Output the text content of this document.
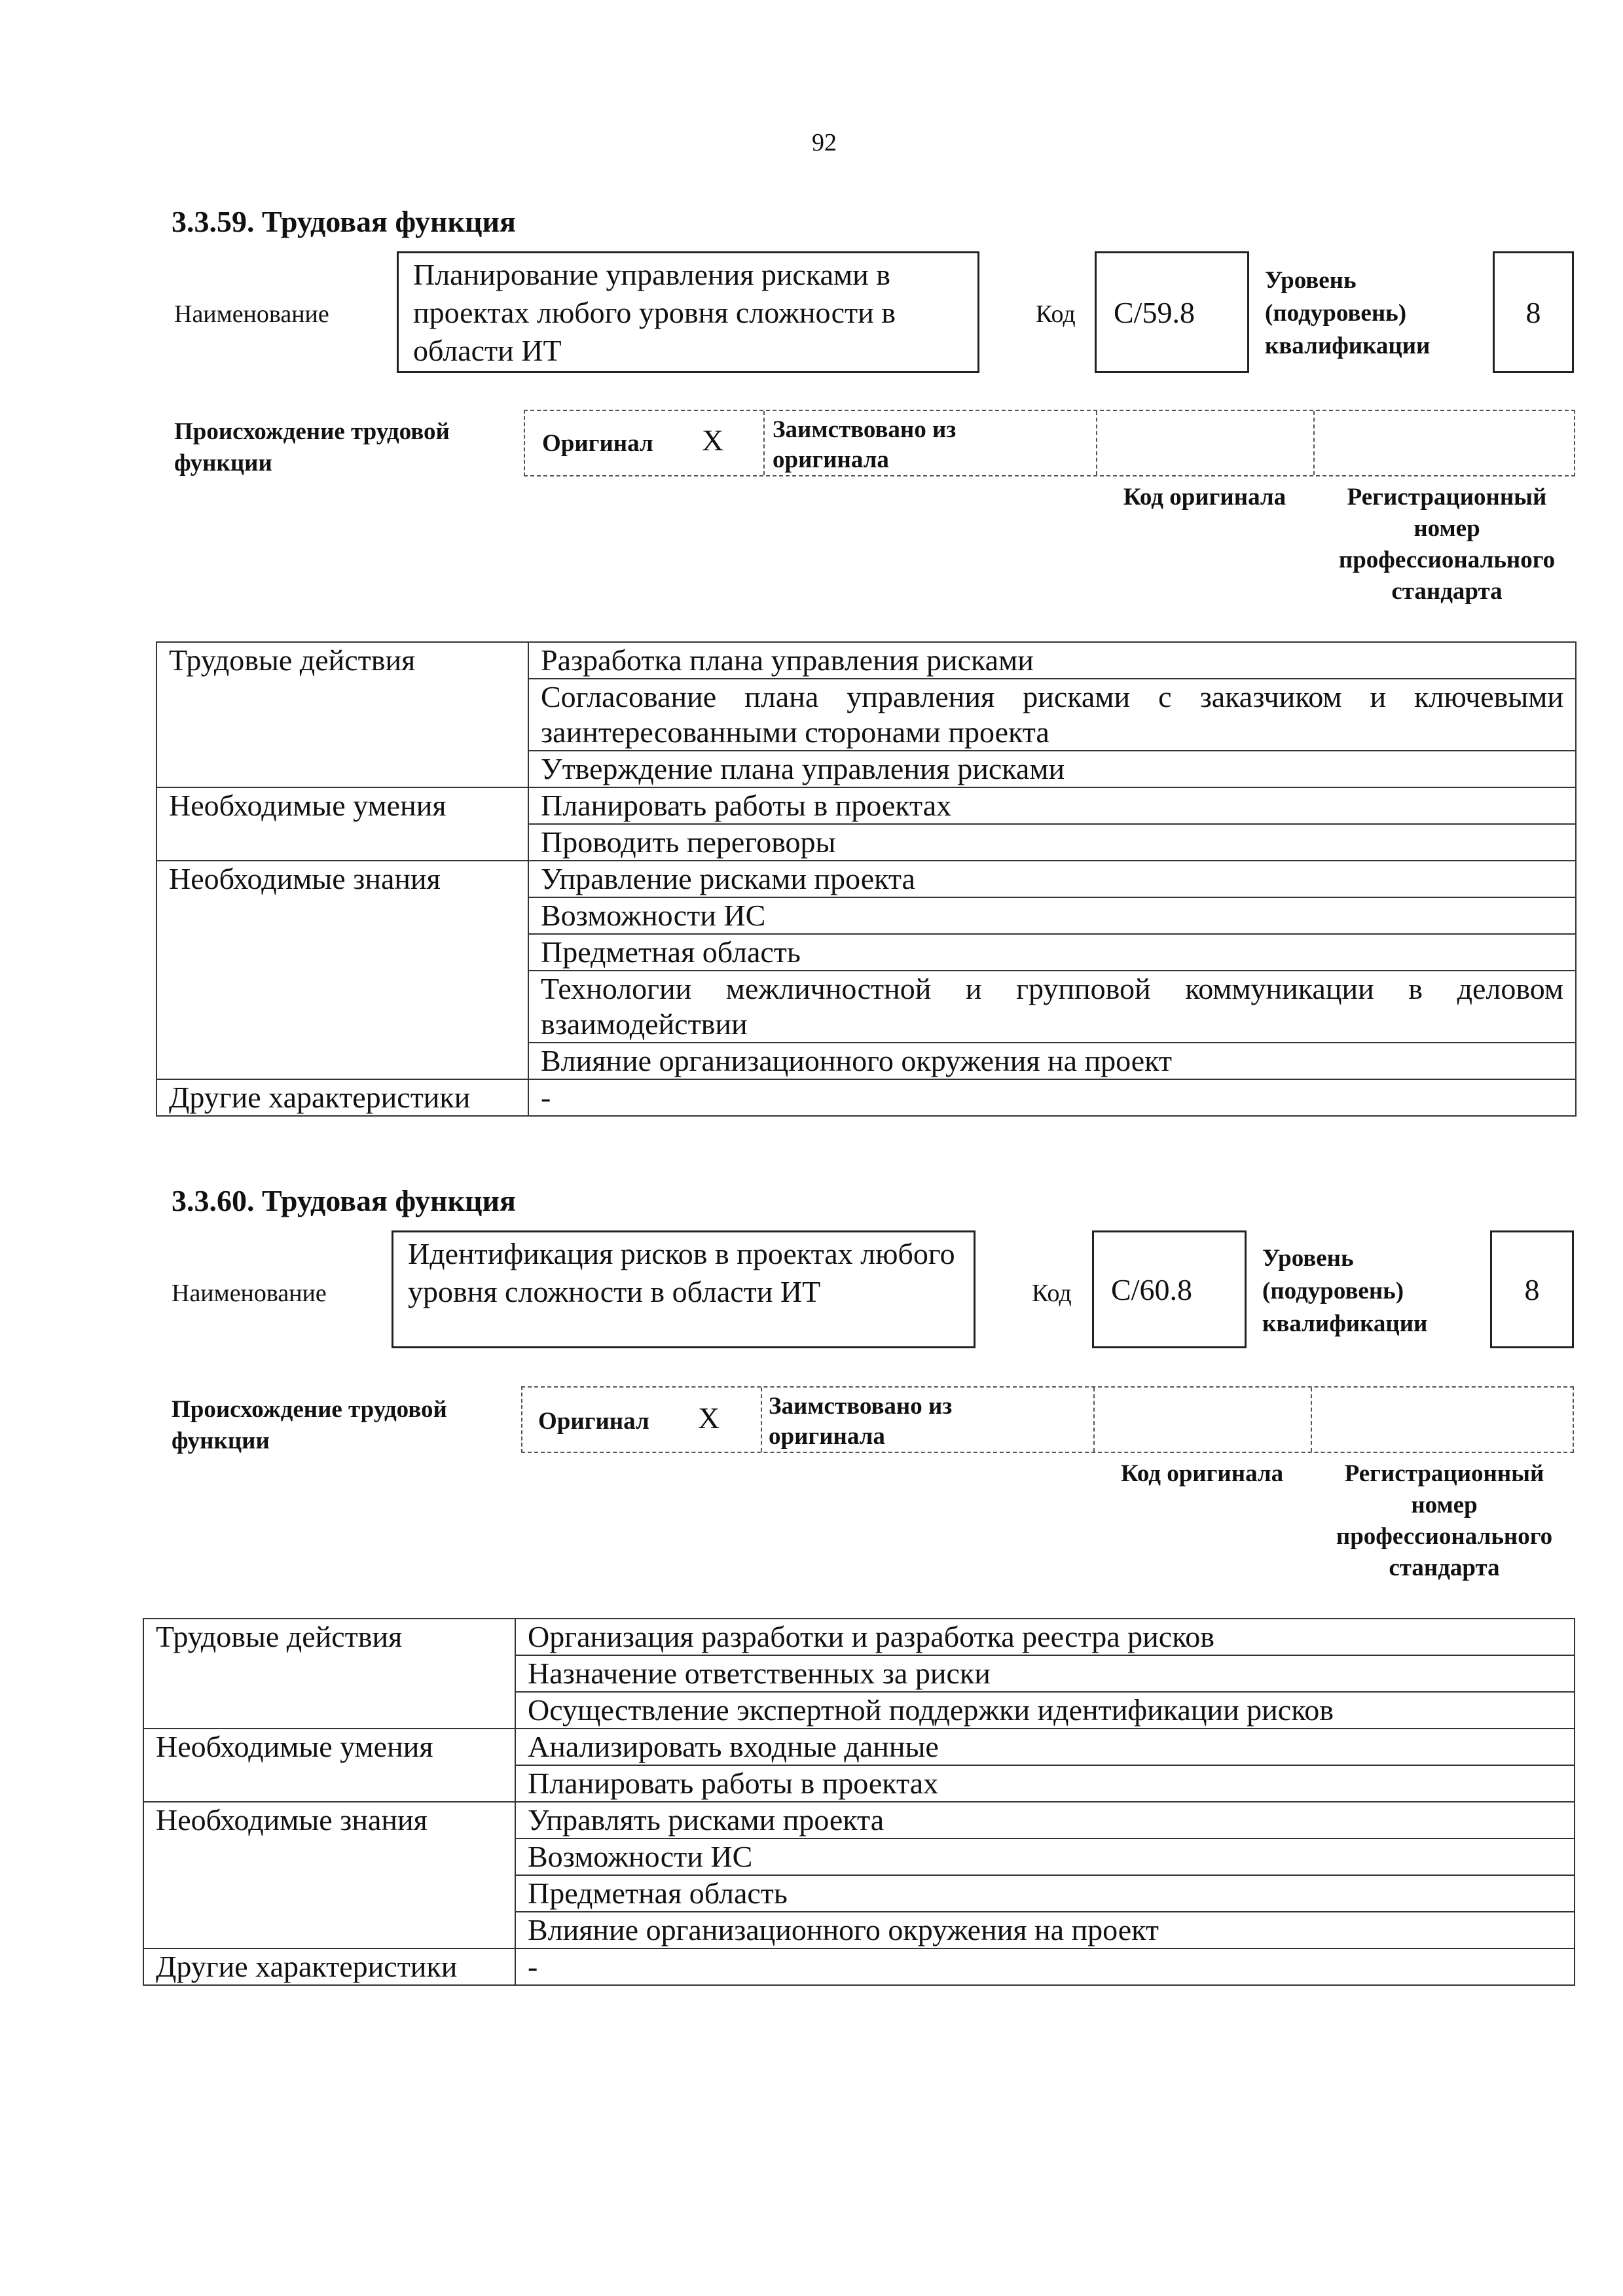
92
3.3.59. Трудовая функция
Наименование
Планирование управления рисками в проектах любого уровня сложности в области ИТ
Код	C/59.8
Уровень (подуровень) квалификации
8
Происхождение трудовой функции
Оригинал X Заимствовано из оригинала
Код оригинала	Регистрационный номер профессионального стандарта
Трудовые действия	Разработка плана управления рисками
	Согласование плана управления рисками с заказчиком и ключевыми заинтересованными сторонами проекта

	Утверждение плана управления рисками
Необходимые умения	Планировать работы в проектах
	Проводить переговоры
Необходимые знания	Управление рисками проекта
	Возможности ИС
	Предметная область
	Технологии межличностной и групповой коммуникации в деловом взаимодействии
	Влияние организационного окружения на проект
Другие характеристики	-
3.3.60. Трудовая функция
Наименование
Идентификация рисков в проектах любого уровня сложности в области ИТ	Код	C/60.8
Уровень (подуровень) квалификации
8
Происхождение трудовой функции
Оригинал X Заимствовано из оригинала
Код оригинала	Регистрационный номер профессионального стандарта
Трудовые действия	Организация разработки и разработка реестра рисков
	Назначение ответственных за риски
	Осуществление экспертной поддержки идентификации рисков
Необходимые умения	Анализировать входные данные
	Планировать работы в проектах
Необходимые знания	Управлять рисками проекта
	Возможности ИС
	Предметная область
	Влияние организационного окружения на проект
Другие характеристики	-
